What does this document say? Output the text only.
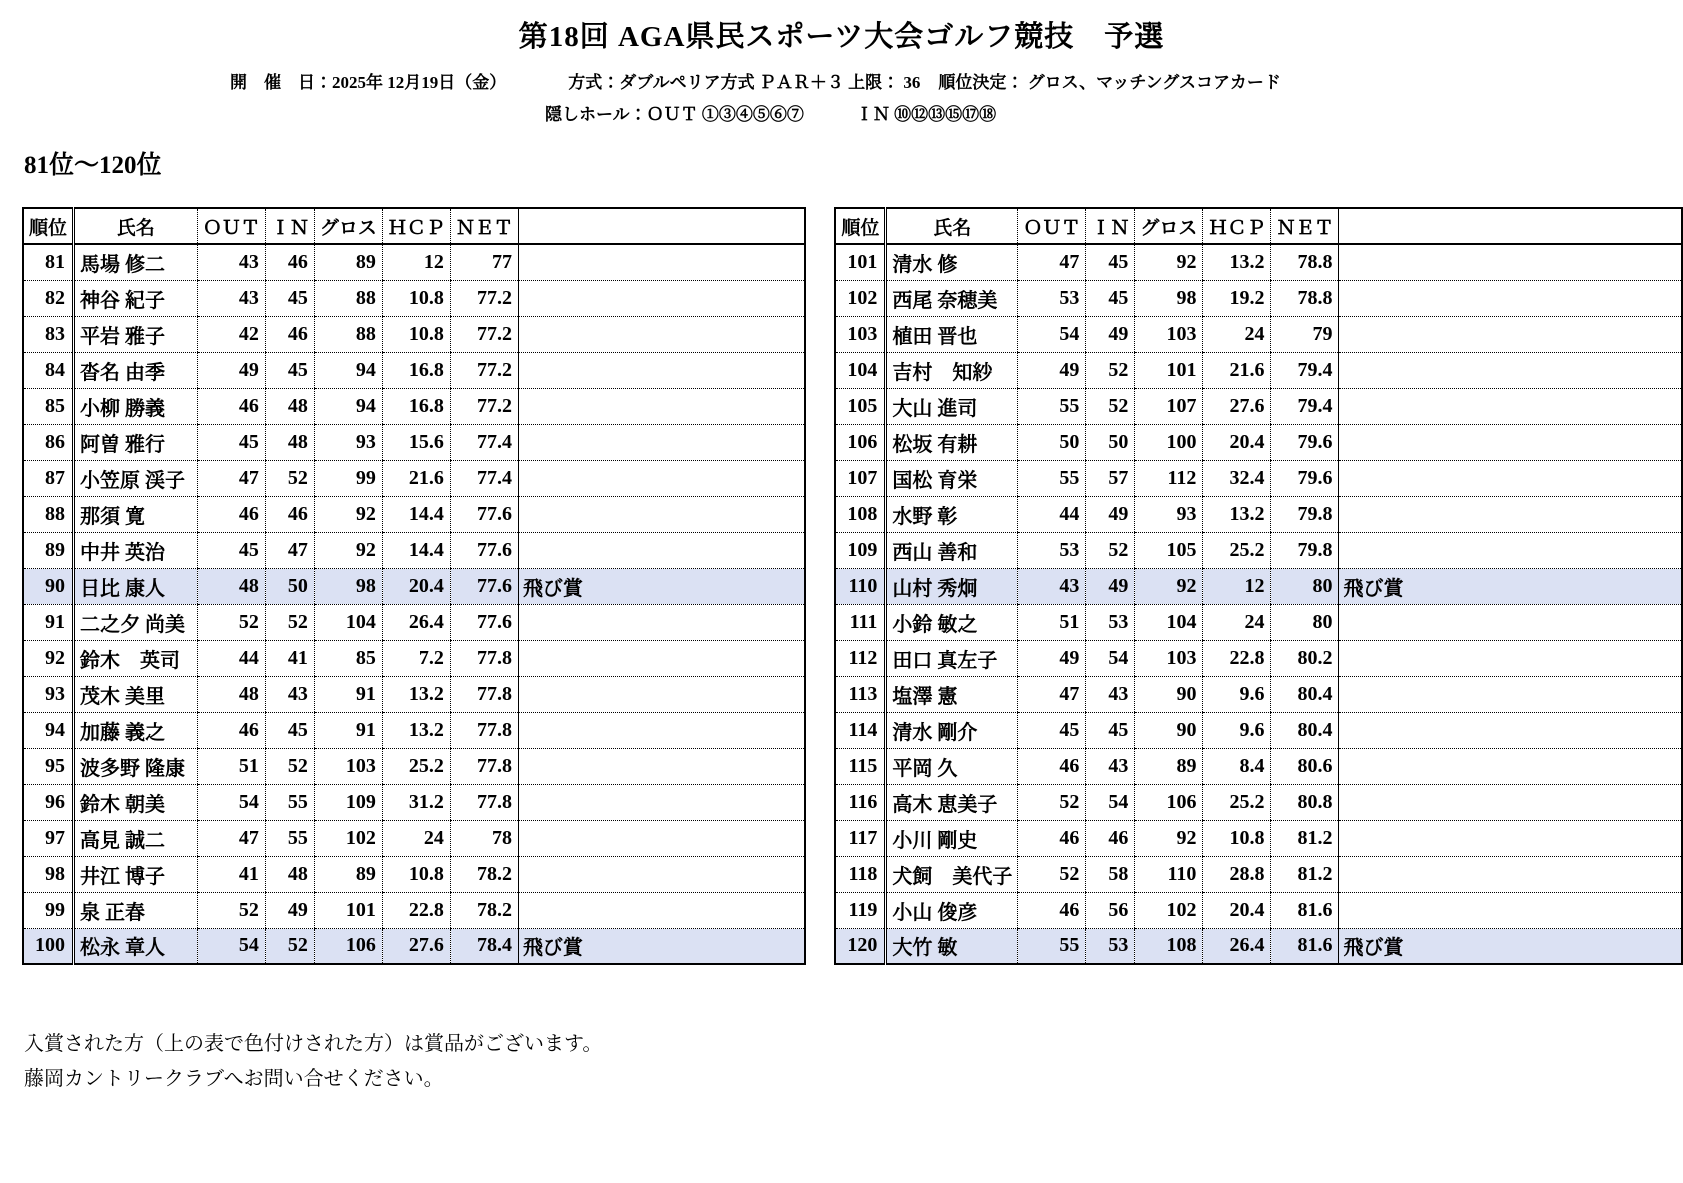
第18回 AGA県民スポーツ大会ゴルフ競技　予選
開　催　日：2025年 12月19日（金）	方式：ダブルペリア方式 ＰＡＲ＋３ 上限： 36 順位決定： グロス、マッチングスコアカード
隠しホール：ＯＵＴ ①③④⑤⑥⑦	ＩＮ ⑩⑫⑬⑮⑰⑱
81位～120位
順位	氏名	ＯＵＴ	ＩＮ	グロス	ＨＣＰ	ＮＥＴ	
81	馬場 修二	43	46	89	12	77	
82	神谷 紀子	43	45	88	10.8	77.2	
83	平岩 雅子	42	46	88	10.8	77.2	
84	沓名 由季	49	45	94	16.8	77.2	
85	小柳 勝義	46	48	94	16.8	77.2	
86	阿曽 雅行	45	48	93	15.6	77.4	
87	小笠原 渓子	47	52	99	21.6	77.4	
88	那須 寛	46	46	92	14.4	77.6	
89	中井 英治	45	47	92	14.4	77.6	
90	日比 康人	48	50	98	20.4	77.6	飛び賞
91	二之夕 尚美	52	52	104	26.4	77.6	
92	鈴木　英司	44	41	85	7.2	77.8	
93	茂木 美里	48	43	91	13.2	77.8	
94	加藤 義之	46	45	91	13.2	77.8	
95	波多野 隆康	51	52	103	25.2	77.8	
96	鈴木 朝美	54	55	109	31.2	77.8	
97	高見 誠二	47	55	102	24	78	
98	井江 博子	41	48	89	10.8	78.2	
99	泉 正春	52	49	101	22.8	78.2	
100	松永 章人	54	52	106	27.6	78.4	飛び賞
順位	氏名	ＯＵＴ	ＩＮ	グロス	ＨＣＰ	ＮＥＴ	
101	清水 修	47	45	92	13.2	78.8	
102	西尾 奈穂美	53	45	98	19.2	78.8	
103	植田 晋也	54	49	103	24	79	
104	吉村　知紗	49	52	101	21.6	79.4	
105	大山 進司	55	52	107	27.6	79.4	
106	松坂 有耕	50	50	100	20.4	79.6	
107	国松 育栄	55	57	112	32.4	79.6	
108	水野 彰	44	49	93	13.2	79.8	
109	西山 善和	53	52	105	25.2	79.8	
110	山村 秀炯	43	49	92	12	80	飛び賞
111	小鈴 敏之	51	53	104	24	80	
112	田口 真左子	49	54	103	22.8	80.2	
113	塩澤 憲	47	43	90	9.6	80.4	
114	清水 剛介	45	45	90	9.6	80.4	
115	平岡 久	46	43	89	8.4	80.6	
116	高木 恵美子	52	54	106	25.2	80.8	
117	小川 剛史	46	46	92	10.8	81.2	
118	犬飼　美代子	52	58	110	28.8	81.2	
119	小山 俊彦	46	56	102	20.4	81.6	
120	大竹 敏	55	53	108	26.4	81.6	飛び賞
入賞された方（上の表で色付けされた方）は賞品がございます。
藤岡カントリークラブへお問い合せください。
